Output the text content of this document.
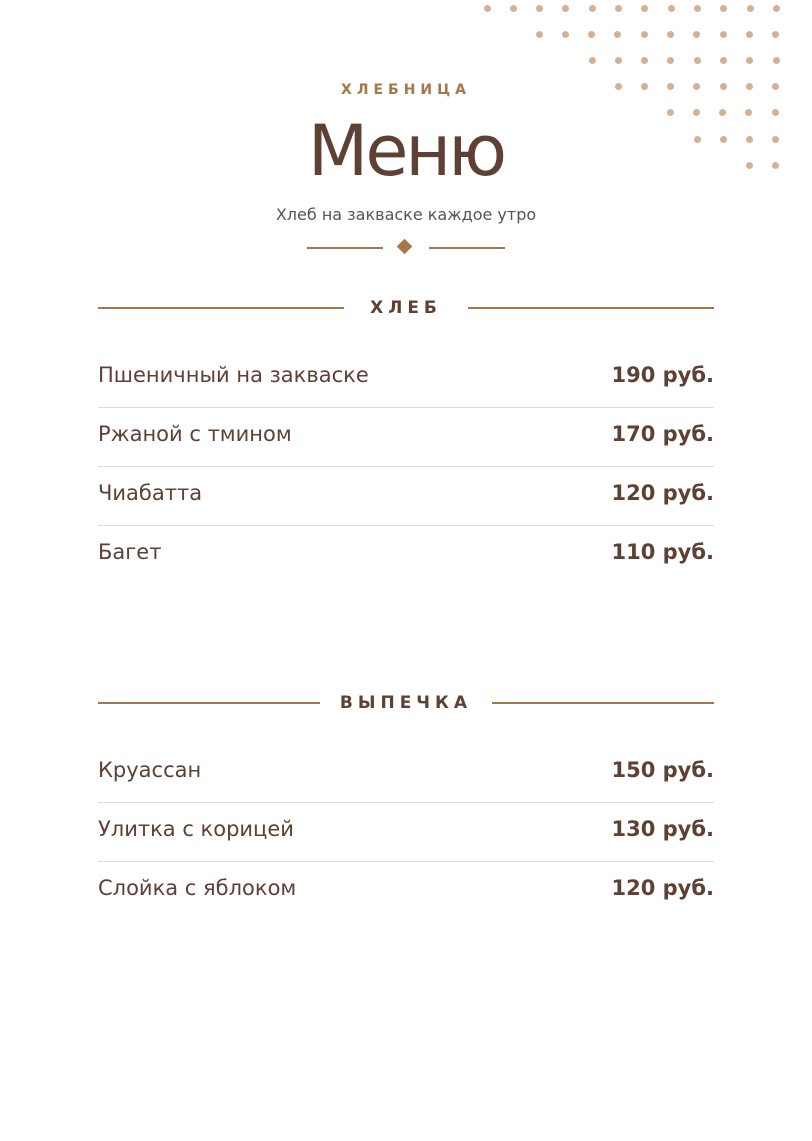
ХЛЕБНИЦА
Меню
Хлеб на закваске каждое утро
ХЛЕБ
Пшеничный на закваске	190 руб.
Ржаной с тмином	170 руб.
Чиабатта	120 руб.
Багет	110 руб.
ВЫПЕЧКА
Круассан	150 руб.
Улитка с корицей	130 руб.
Слойка с яблоком	120 руб.
